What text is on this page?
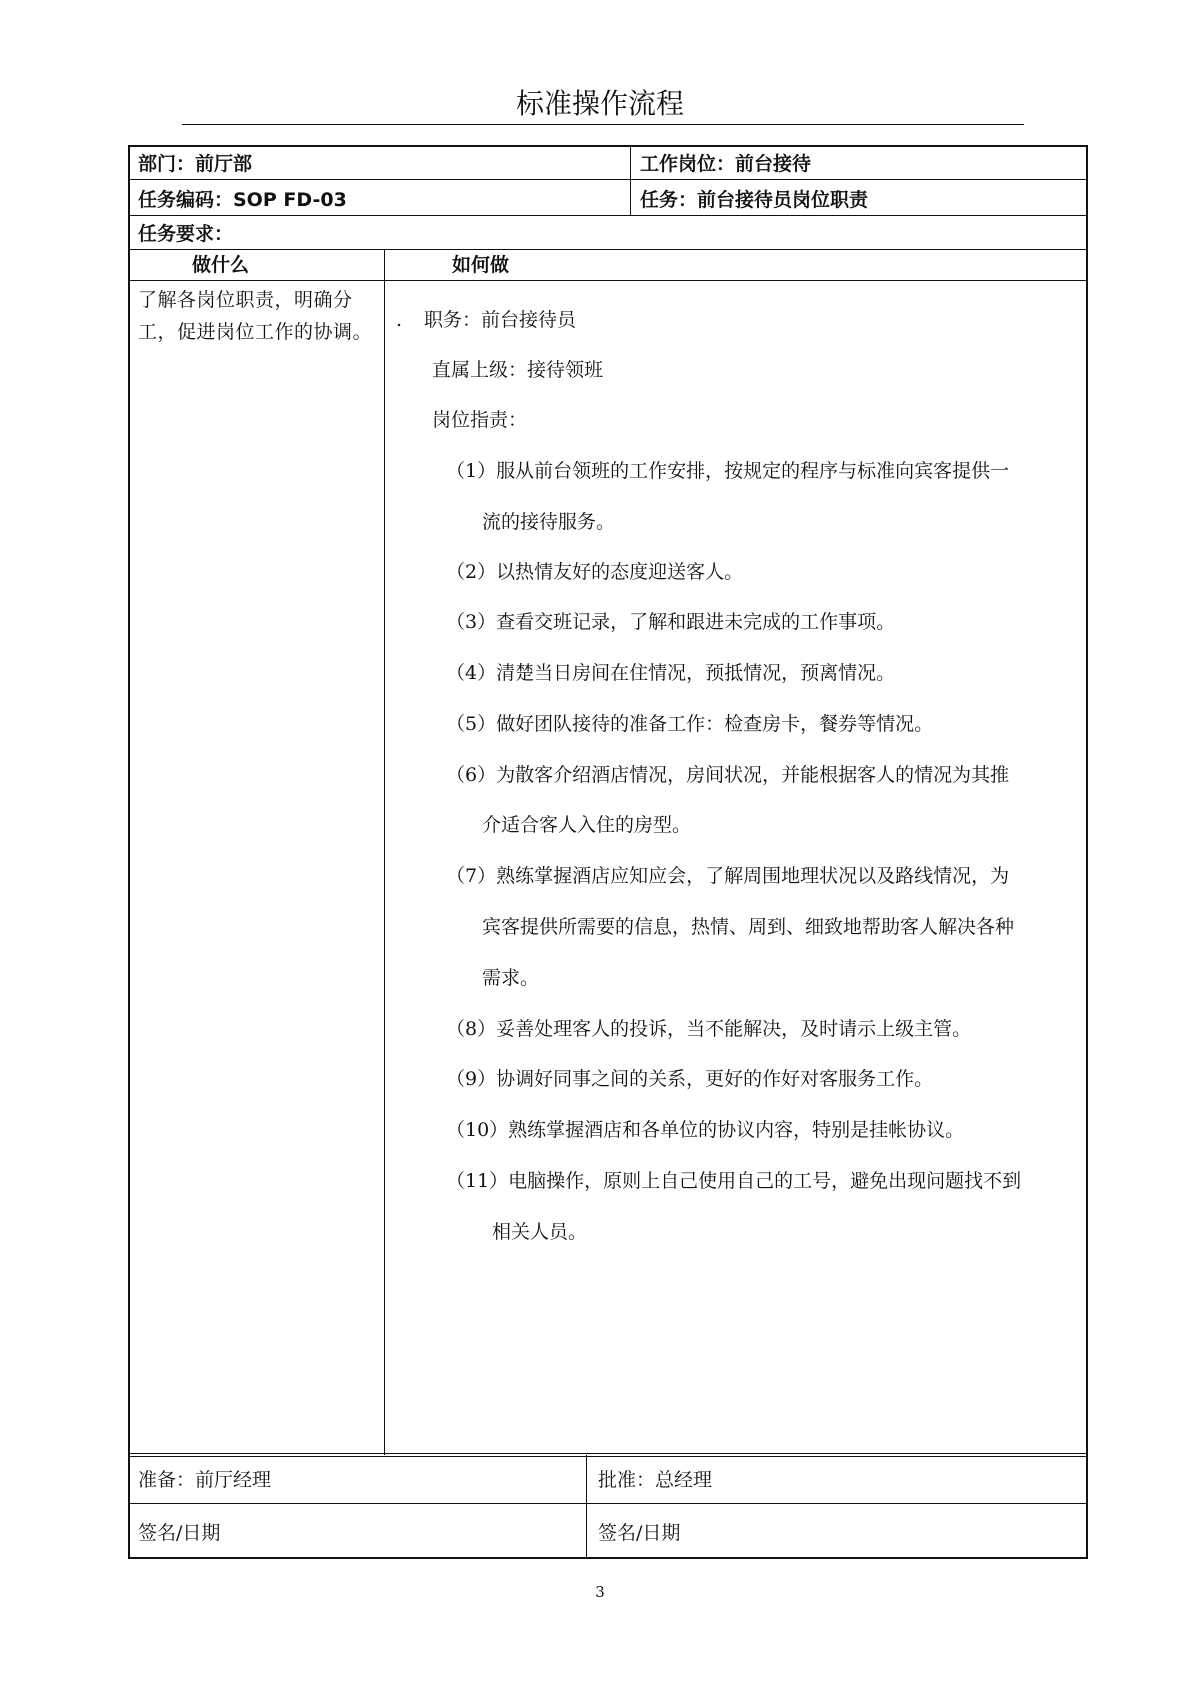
标准操作流程
部门：前厅部	工作岗位：前台接待
任务编码：SOP FD-03	任务：前台接待员岗位职责
任务要求：
做什么	如何做
了解各岗位职责，明确分工，促进岗位工作的协调。
. 职务：前台接待员
直属上级：接待领班
岗位指责：
（1）服从前台领班的工作安排，按规定的程序与标准向宾客提供一
流的接待服务。
（2）以热情友好的态度迎送客人。
（3）查看交班记录，了解和跟进未完成的工作事项。
（4）清楚当日房间在住情况，预抵情况，预离情况。
（5）做好团队接待的准备工作：检查房卡，餐券等情况。
（6）为散客介绍酒店情况，房间状况，并能根据客人的情况为其推
介适合客人入住的房型。
（7）熟练掌握酒店应知应会，了解周围地理状况以及路线情况，为
宾客提供所需要的信息，热情、周到、细致地帮助客人解决各种
需求。
（8）妥善处理客人的投诉，当不能解决，及时请示上级主管。
（9）协调好同事之间的关系，更好的作好对客服务工作。
（10）熟练掌握酒店和各单位的协议内容，特别是挂帐协议。
（11）电脑操作，原则上自己使用自己的工号，避免出现问题找不到
相关人员。
准备：前厅经理	批准：总经理
签名/日期	签名/日期
3
